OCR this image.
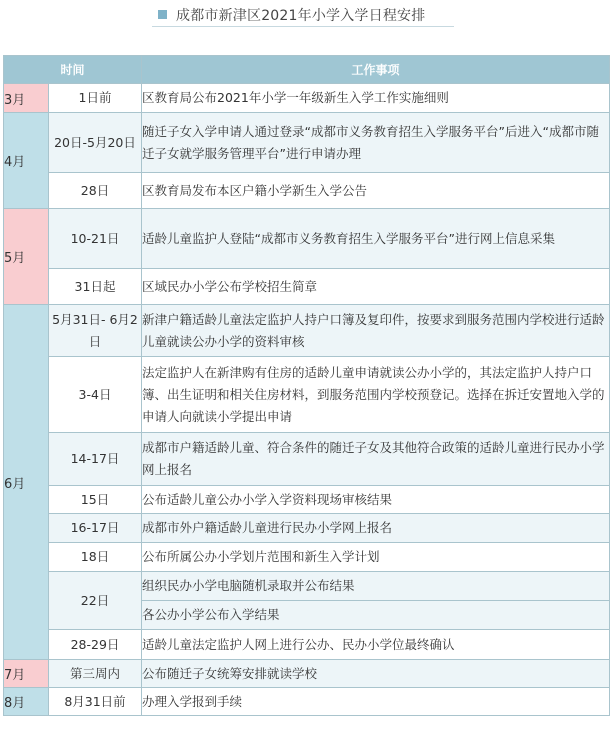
成都市新津区2021年小学入学日程安排
时间		工作事项
3月	1日前	区教育局公布2021年小学一年级新生入学工作实施细则
4月	20日-5月20日	随迁子女入学申请人通过登录“成都市义务教育招生入学服务平台”后进入“成都市随迁子女就学服务管理平台”进行申请办理
	28日	区教育局发布本区户籍小学新生入学公告
5月	10-21日	适龄儿童监护人登陆“成都市义务教育招生入学服务平台”进行网上信息采集
	31日起	区域民办小学公布学校招生简章
6月	5月31日- 6月2日	新津户籍适龄儿童法定监护人持户口簿及复印件，按要求到服务范围内学校进行适龄儿童就读公办小学的资料审核
	3-4日	法定监护人在新津购有住房的适龄儿童申请就读公办小学的，其法定监护人持户口簿、出生证明和相关住房材料，到服务范围内学校预登记。选择在拆迁安置地入学的申请人向就读小学提出申请
	14-17日	成都市户籍适龄儿童、符合条件的随迁子女及其他符合政策的适龄儿童进行民办小学网上报名
	15日	公布适龄儿童公办小学入学资料现场审核结果
	16-17日	成都市外户籍适龄儿童进行民办小学网上报名
	18日	公布所属公办小学划片范围和新生入学计划
	22日	组织民办小学电脑随机录取并公布结果
		各公办小学公布入学结果
	28-29日	适龄儿童法定监护人网上进行公办、民办小学位最终确认
7月	第三周内	公布随迁子女统筹安排就读学校
8月	8月31日前	办理入学报到手续
